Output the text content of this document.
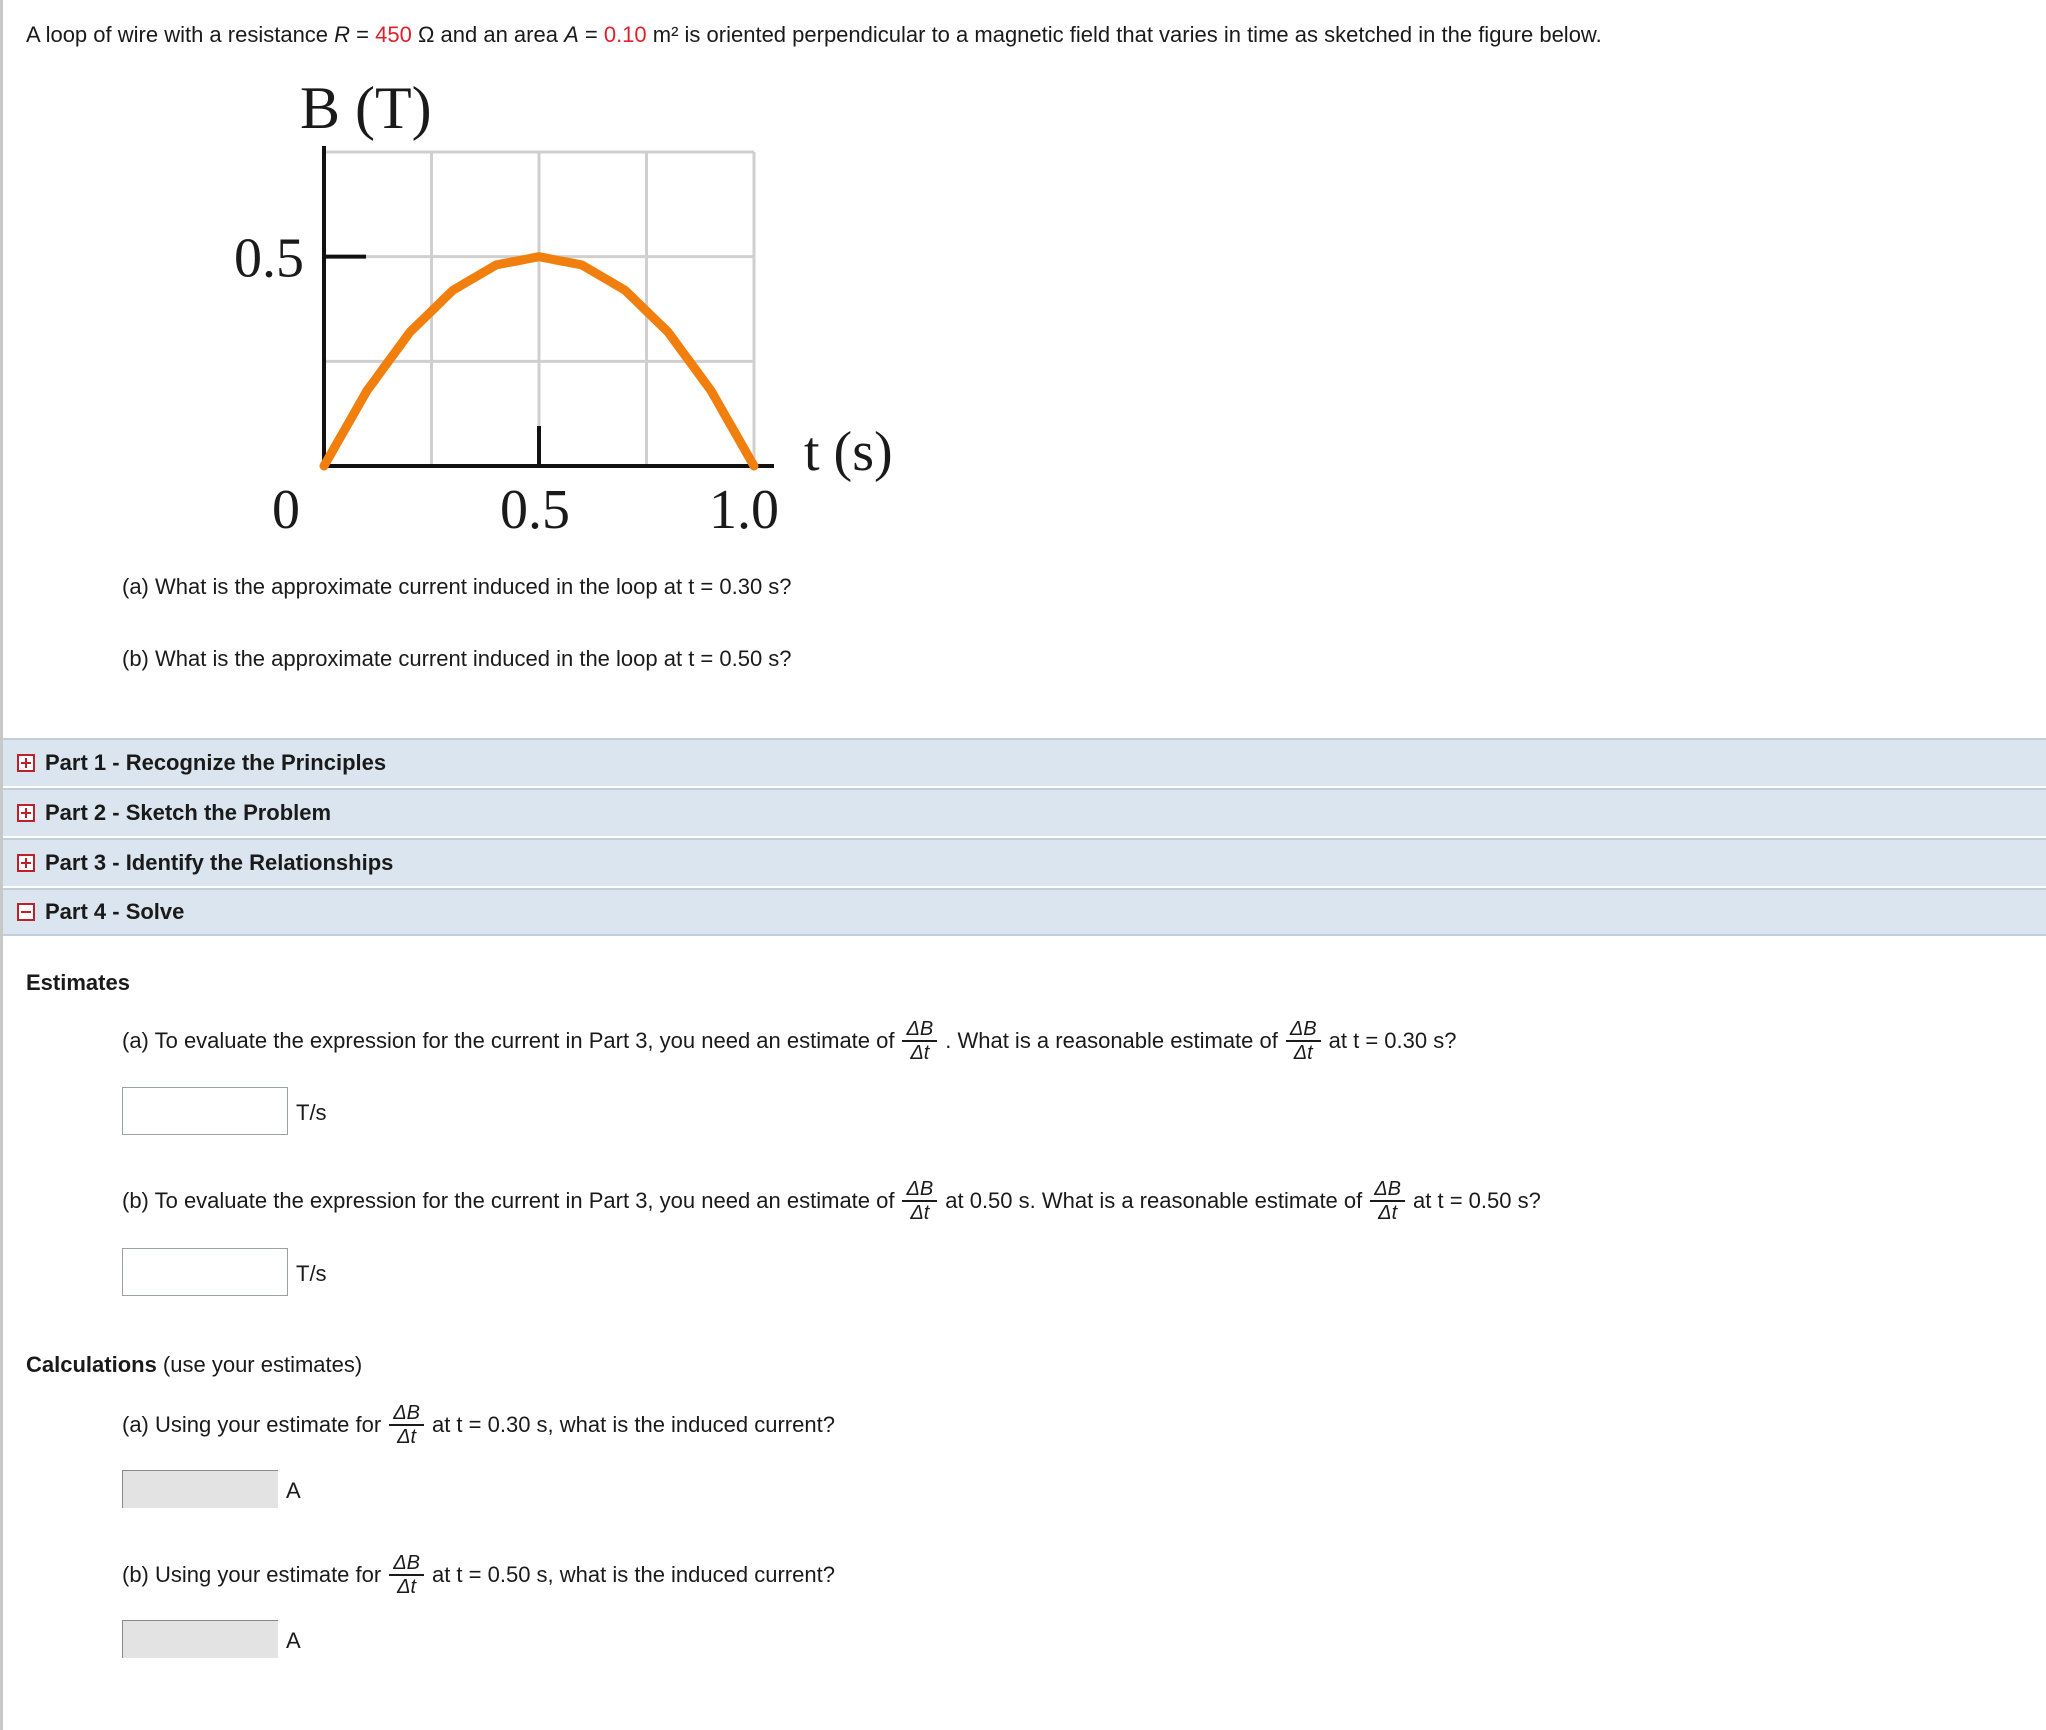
A loop of wire with a resistance R = 450 Ω and an area A = 0.10 m² is oriented perpendicular to a magnetic field that varies in time as sketched in the figure below.
B (T)
t (s)
0	0.5 1.0
0.5
(a) What is the approximate current induced in the loop at t = 0.30 s?
(b) What is the approximate current induced in the loop at t = 0.50 s?
Part 1 - Recognize the Principles
Part 2 - Sketch the Problem
Part 3 - Identify the Relationships
Part 4 - Solve
Estimates
(a) To evaluate the expression for the current in Part 3, you need an estimate of $\frac{\Delta B}{\Delta t}$ . What is a reasonable estimate of $\frac{\Delta B}{\Delta t}$ at t = 0.30 s?
T/s
(b) To evaluate the expression for the current in Part 3, you need an estimate of $\frac{\Delta B}{\Delta t}$ at 0.50 s. What is a reasonable estimate of $\frac{\Delta B}{\Delta t}$ at t = 0.50 s?
T/s
Calculations (use your estimates)
(a) Using your estimate for $\frac{\Delta B}{\Delta t}$ at t = 0.30 s, what is the induced current?
A
(b) Using your estimate for $\frac{\Delta B}{\Delta t}$ at t = 0.50 s, what is the induced current?
A
